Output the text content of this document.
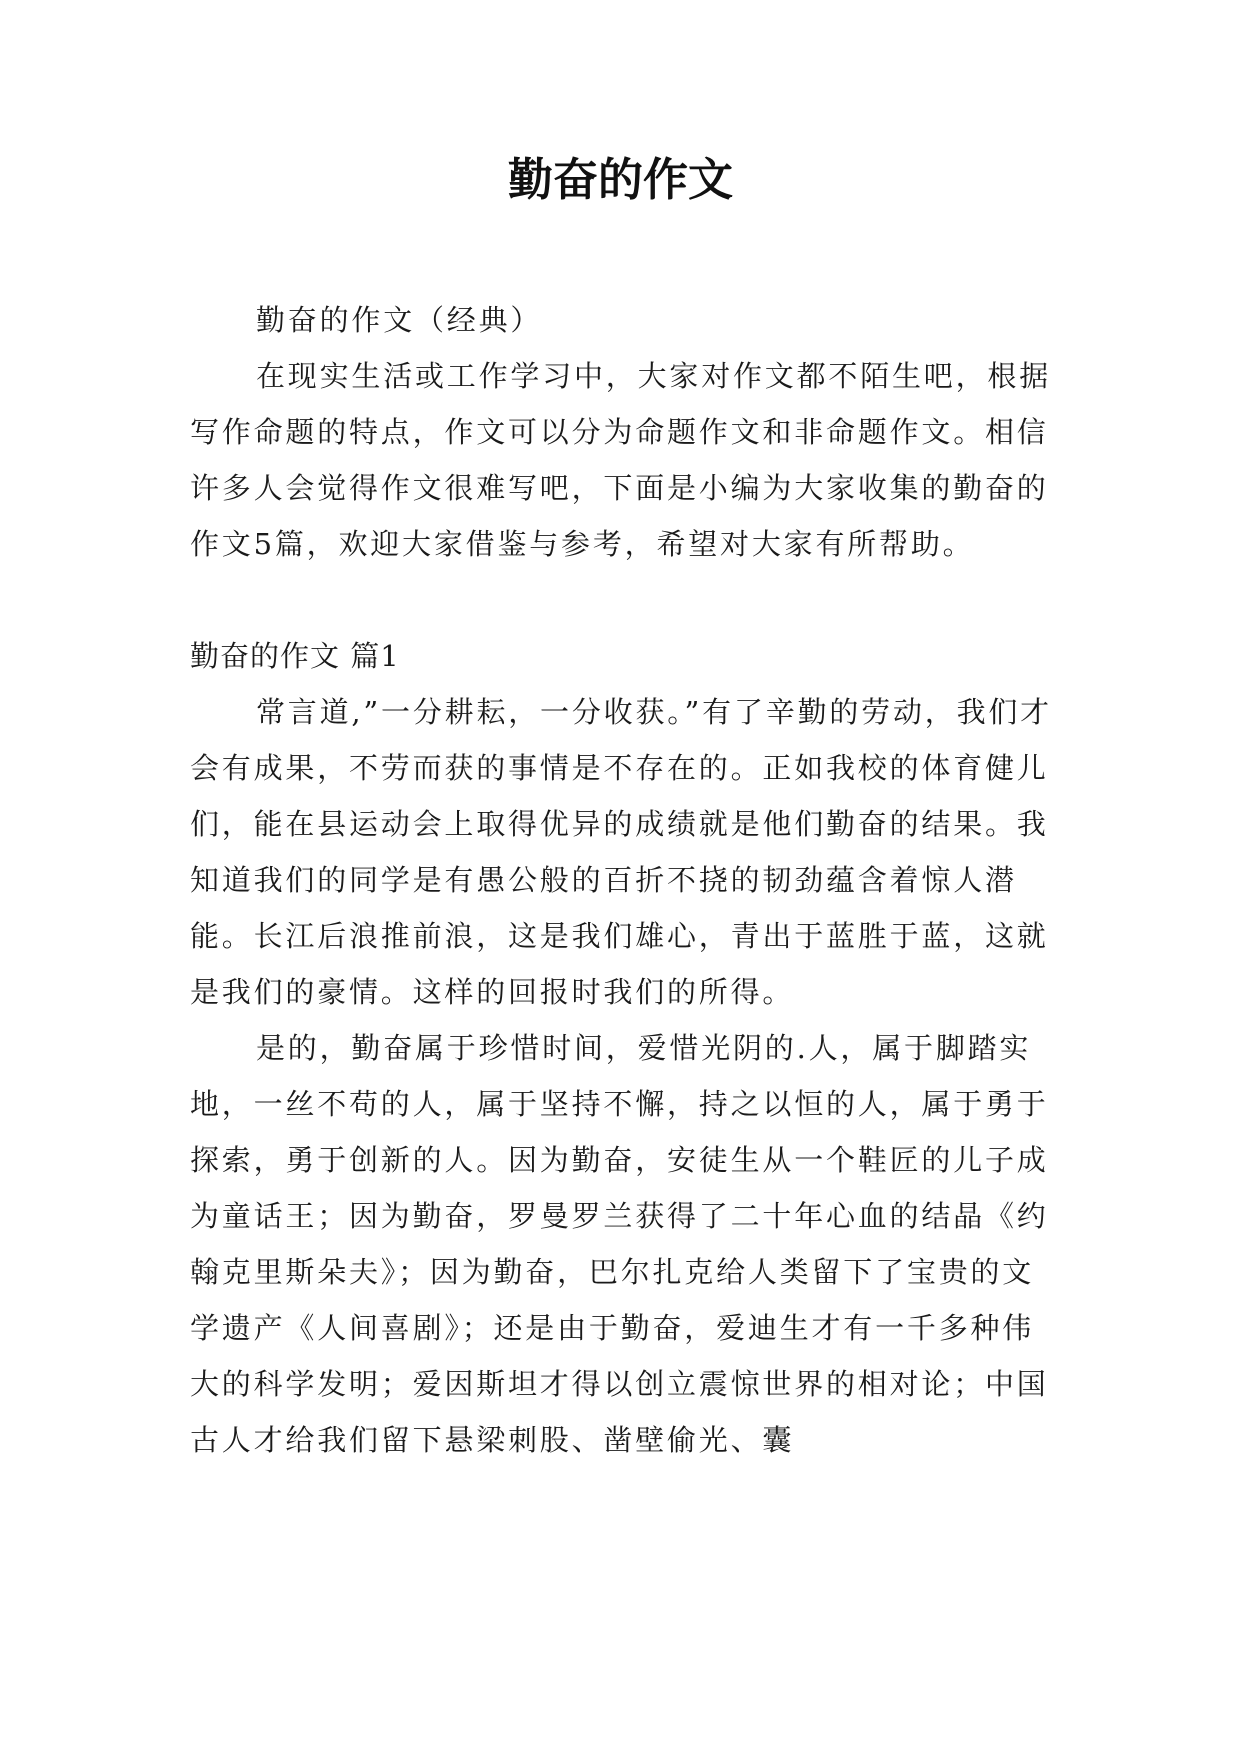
勤奋的作文

勤奋的作文（经典）

在现实生活或工作学习中，大家对作文都不陌生吧，根据写作命题的特点，作文可以分为命题作文和非命题作文。相信许多人会觉得作文很难写吧，下面是小编为大家收集的勤奋的作文5篇，欢迎大家借鉴与参考，希望对大家有所帮助。

勤奋的作文 篇1

常言道,”一分耕耘，一分收获。”有了辛勤的劳动，我们才会有成果，不劳而获的事情是不存在的。正如我校的体育健儿们，能在县运动会上取得优异的成绩就是他们勤奋的结果。我知道我们的同学是有愚公般的百折不挠的韧劲蕴含着惊人潜能。长江后浪推前浪，这是我们雄心，青出于蓝胜于蓝，这就是我们的豪情。这样的回报时我们的所得。

是的，勤奋属于珍惜时间，爱惜光阴的.人，属于脚踏实地，一丝不苟的人，属于坚持不懈，持之以恒的人，属于勇于探索，勇于创新的人。因为勤奋，安徒生从一个鞋匠的儿子成为童话王；因为勤奋，罗曼罗兰获得了二十年心血的结晶《约翰克里斯朵夫》；因为勤奋，巴尔扎克给人类留下了宝贵的文学遗产《人间喜剧》；还是由于勤奋，爱迪生才有一千多种伟大的科学发明；爱因斯坦才得以创立震惊世界的相对论；中国古人才给我们留下悬梁刺股、凿壁偷光、囊
